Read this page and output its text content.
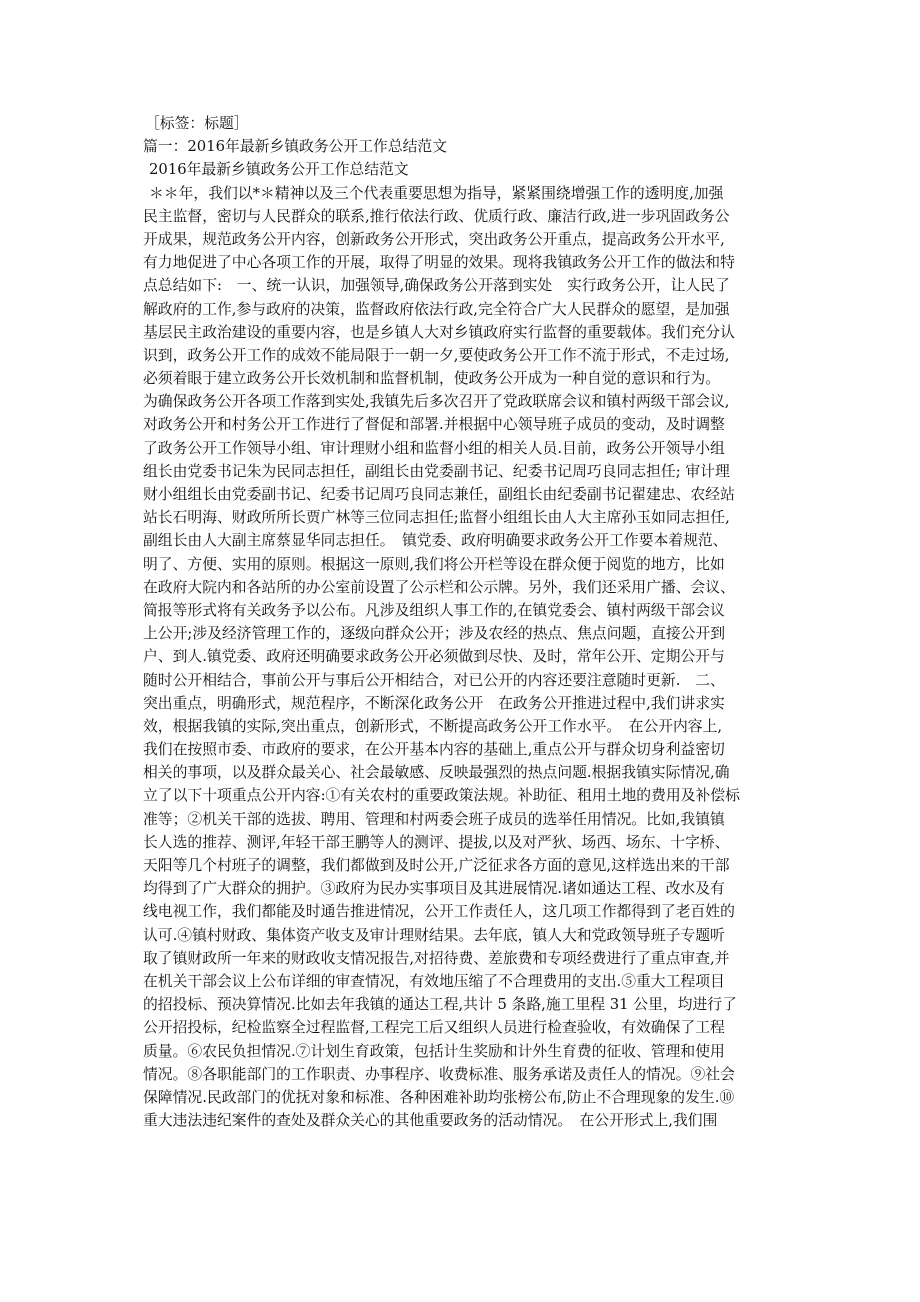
［标签：标题］
篇一：2016年最新乡镇政务公开工作总结范文
2016年最新乡镇政务公开工作总结范文
＊＊年，我们以*＊精神以及三个代表重要思想为指导，紧紧围绕增强工作的透明度,加强
民主监督，密切与人民群众的联系,推行依法行政、优质行政、廉洁行政,进一步巩固政务公
开成果，规范政务公开内容，创新政务公开形式，突出政务公开重点，提高政务公开水平,
有力地促进了中心各项工作的开展，取得了明显的效果。现将我镇政务公开工作的做法和特
点总结如下:　一、统一认识，加强领导,确保政务公开落到实处　实行政务公开，让人民了
解政府的工作,参与政府的决策，监督政府依法行政,完全符合广大人民群众的愿望，是加强
基层民主政治建设的重要内容，也是乡镇人大对乡镇政府实行监督的重要载体。我们充分认
识到，政务公开工作的成效不能局限于一朝一夕,要使政务公开工作不流于形式，不走过场,
必须着眼于建立政务公开长效机制和监督机制，使政务公开成为一种自觉的意识和行为。
为确保政务公开各项工作落到实处,我镇先后多次召开了党政联席会议和镇村两级干部会议,
对政务公开和村务公开工作进行了督促和部署.并根据中心领导班子成员的变动，及时调整
了政务公开工作领导小组、审计理财小组和监督小组的相关人员.目前，政务公开领导小组
组长由党委书记朱为民同志担任，副组长由党委副书记、纪委书记周巧良同志担任; 审计理
财小组组长由党委副书记、纪委书记周巧良同志兼任，副组长由纪委副书记翟建忠、农经站
站长石明海、财政所所长贾广林等三位同志担任;监督小组组长由人大主席孙玉如同志担任,
副组长由人大副主席蔡显华同志担任。　镇党委、政府明确要求政务公开工作要本着规范、
明了、方便、实用的原则。根据这一原则,我们将公开栏等设在群众便于阅览的地方，比如
在政府大院内和各站所的办公室前设置了公示栏和公示牌。另外，我们还采用广播、会议、
简报等形式将有关政务予以公布。凡涉及组织人事工作的,在镇党委会、镇村两级干部会议
上公开;涉及经济管理工作的，逐级向群众公开；涉及农经的热点、焦点问题，直接公开到
户、到人.镇党委、政府还明确要求政务公开必须做到尽快、及时，常年公开、定期公开与
随时公开相结合，事前公开与事后公开相结合，对已公开的内容还要注意随时更新.　二、
突出重点，明确形式，规范程序，不断深化政务公开　在政务公开推进过程中,我们讲求实
效，根据我镇的实际,突出重点，创新形式，不断提高政务公开工作水平。　在公开内容上,
我们在按照市委、市政府的要求，在公开基本内容的基础上,重点公开与群众切身利益密切
相关的事项，以及群众最关心、社会最敏感、反映最强烈的热点问题.根据我镇实际情况,确
立了以下十项重点公开内容:①有关农村的重要政策法规。补助征、租用土地的费用及补偿标
准等；②机关干部的选拔、聘用、管理和村两委会班子成员的选举任用情况。比如,我镇镇
长人选的推荐、测评,年轻干部王鹏等人的测评、提拔,以及对严狄、场西、场东、十字桥、
天阳等几个村班子的调整，我们都做到及时公开,广泛征求各方面的意见,这样选出来的干部
均得到了广大群众的拥护。③政府为民办实事项目及其进展情况.诸如通达工程、改水及有
线电视工作，我们都能及时通告推进情况，公开工作责任人，这几项工作都得到了老百姓的
认可.④镇村财政、集体资产收支及审计理财结果。去年底，镇人大和党政领导班子专题听
取了镇财政所一年来的财政收支情况报告,对招待费、差旅费和专项经费进行了重点审查,并
在机关干部会议上公布详细的审查情况，有效地压缩了不合理费用的支出.⑤重大工程项目
的招投标、预决算情况.比如去年我镇的通达工程,共计 5 条路,施工里程 31 公里，均进行了
公开招投标，纪检监察全过程监督,工程完工后又组织人员进行检查验收，有效确保了工程
质量。⑥农民负担情况.⑦计划生育政策，包括计生奖励和计外生育费的征收、管理和使用
情况。⑧各职能部门的工作职责、办事程序、收费标准、服务承诺及责任人的情况。⑨社会
保障情况.民政部门的优抚对象和标准、各种困难补助均张榜公布,防止不合理现象的发生.⑩
重大违法违纪案件的查处及群众关心的其他重要政务的活动情况。　在公开形式上,我们围
